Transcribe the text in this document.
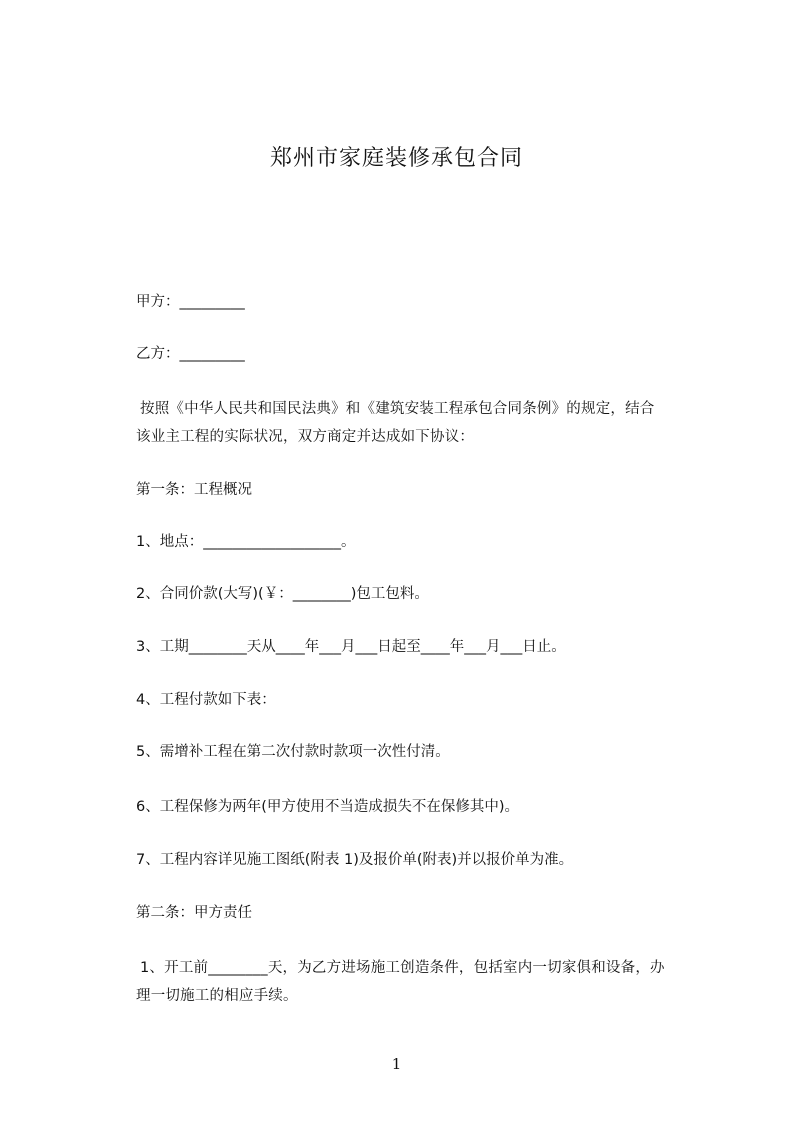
郑州市家庭装修承包合同
甲方：_________
乙方：_________
按照《中华人民共和国民法典》和《建筑安装工程承包合同条例》的规定，结合该业主工程的实际状况，双方商定并达成如下协议：
第一条：工程概况
1、地点：___________________。
2、合同价款(大写)(￥：________)包工包料。
3、工期________天从____年___月___日起至____年___月___日止。
4、工程付款如下表：
5、需增补工程在第二次付款时款项一次性付清。
6、工程保修为两年(甲方使用不当造成损失不在保修其中)。
7、工程内容详见施工图纸(附表 1)及报价单(附表)并以报价单为准。
第二条：甲方责任
1、开工前________天，为乙方进场施工创造条件，包括室内一切家俱和设备，办理一切施工的相应手续。
1
